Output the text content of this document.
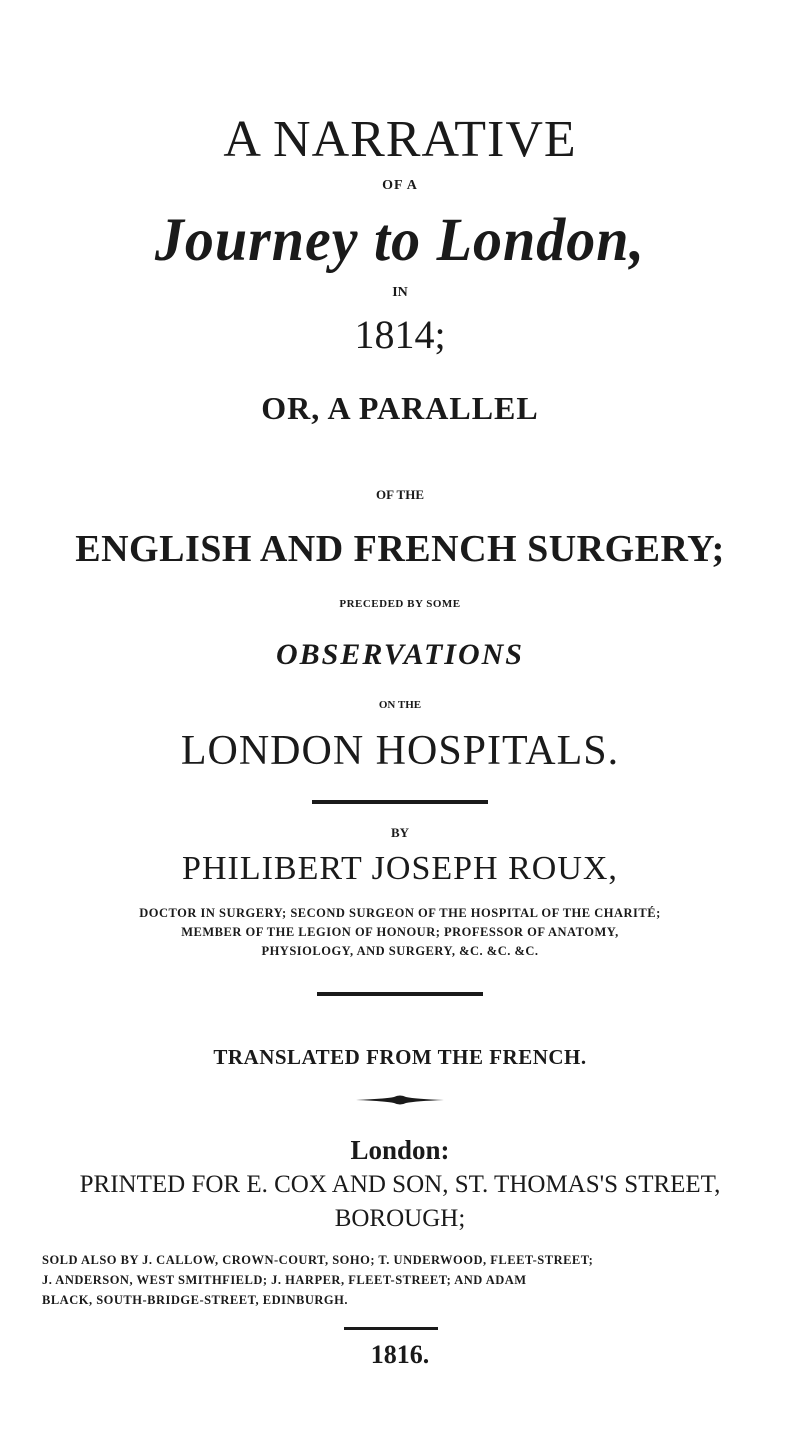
A NARRATIVE
OF A
Journey to London,
IN
1814;
OR, A PARALLEL
OF THE
ENGLISH AND FRENCH SURGERY;
PRECEDED BY SOME
OBSERVATIONS
ON THE
LONDON HOSPITALS.
BY
PHILIBERT JOSEPH ROUX,
DOCTOR IN SURGERY; SECOND SURGEON OF THE HOSPITAL OF THE CHARITÉ;
MEMBER OF THE LEGION OF HONOUR; PROFESSOR OF ANATOMY,
PHYSIOLOGY, AND SURGERY, &C. &C. &C.
TRANSLATED FROM THE FRENCH.
London:
PRINTED FOR E. COX AND SON, ST. THOMAS'S STREET,
BOROUGH;
SOLD ALSO BY J. CALLOW, CROWN-COURT, SOHO; T. UNDERWOOD, FLEET-STREET;
J. ANDERSON, WEST SMITHFIELD; J. HARPER, FLEET-STREET; AND ADAM
BLACK, SOUTH-BRIDGE-STREET, EDINBURGH.
1816.
